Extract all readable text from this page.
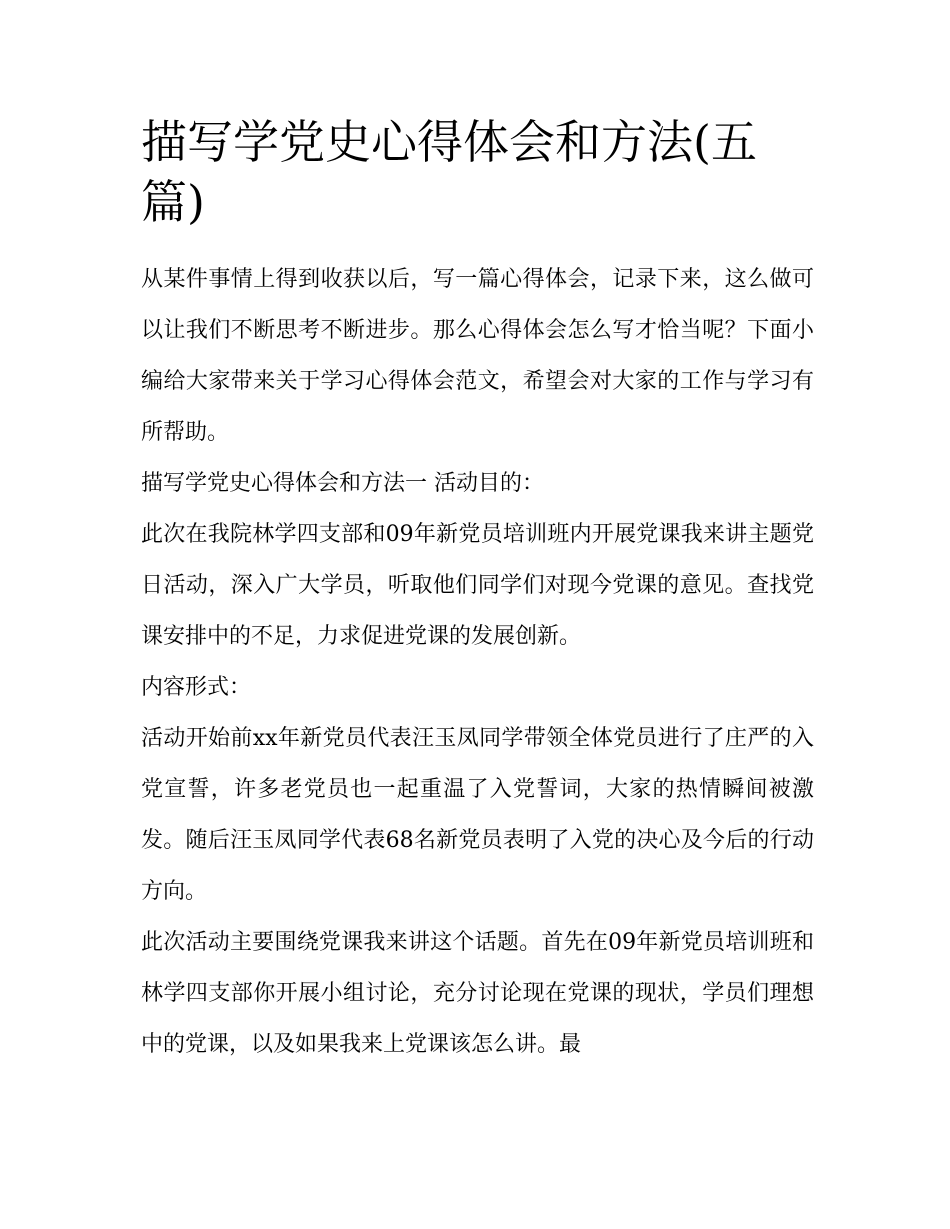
描写学党史心得体会和方法(五篇)

从某件事情上得到收获以后，写一篇心得体会，记录下来，这么做可以让我们不断思考不断进步。那么心得体会怎么写才恰当呢？下面小编给大家带来关于学习心得体会范文，希望会对大家的工作与学习有所帮助。

描写学党史心得体会和方法一 活动目的：

此次在我院林学四支部和09年新党员培训班内开展党课我来讲主题党日活动，深入广大学员，听取他们同学们对现今党课的意见。查找党课安排中的不足，力求促进党课的发展创新。

内容形式：

活动开始前xx年新党员代表汪玉凤同学带领全体党员进行了庄严的入党宣誓，许多老党员也一起重温了入党誓词，大家的热情瞬间被激发。随后汪玉凤同学代表68名新党员表明了入党的决心及今后的行动方向。

此次活动主要围绕党课我来讲这个话题。首先在09年新党员培训班和林学四支部你开展小组讨论，充分讨论现在党课的现状，学员们理想中的党课，以及如果我来上党课该怎么讲。最
